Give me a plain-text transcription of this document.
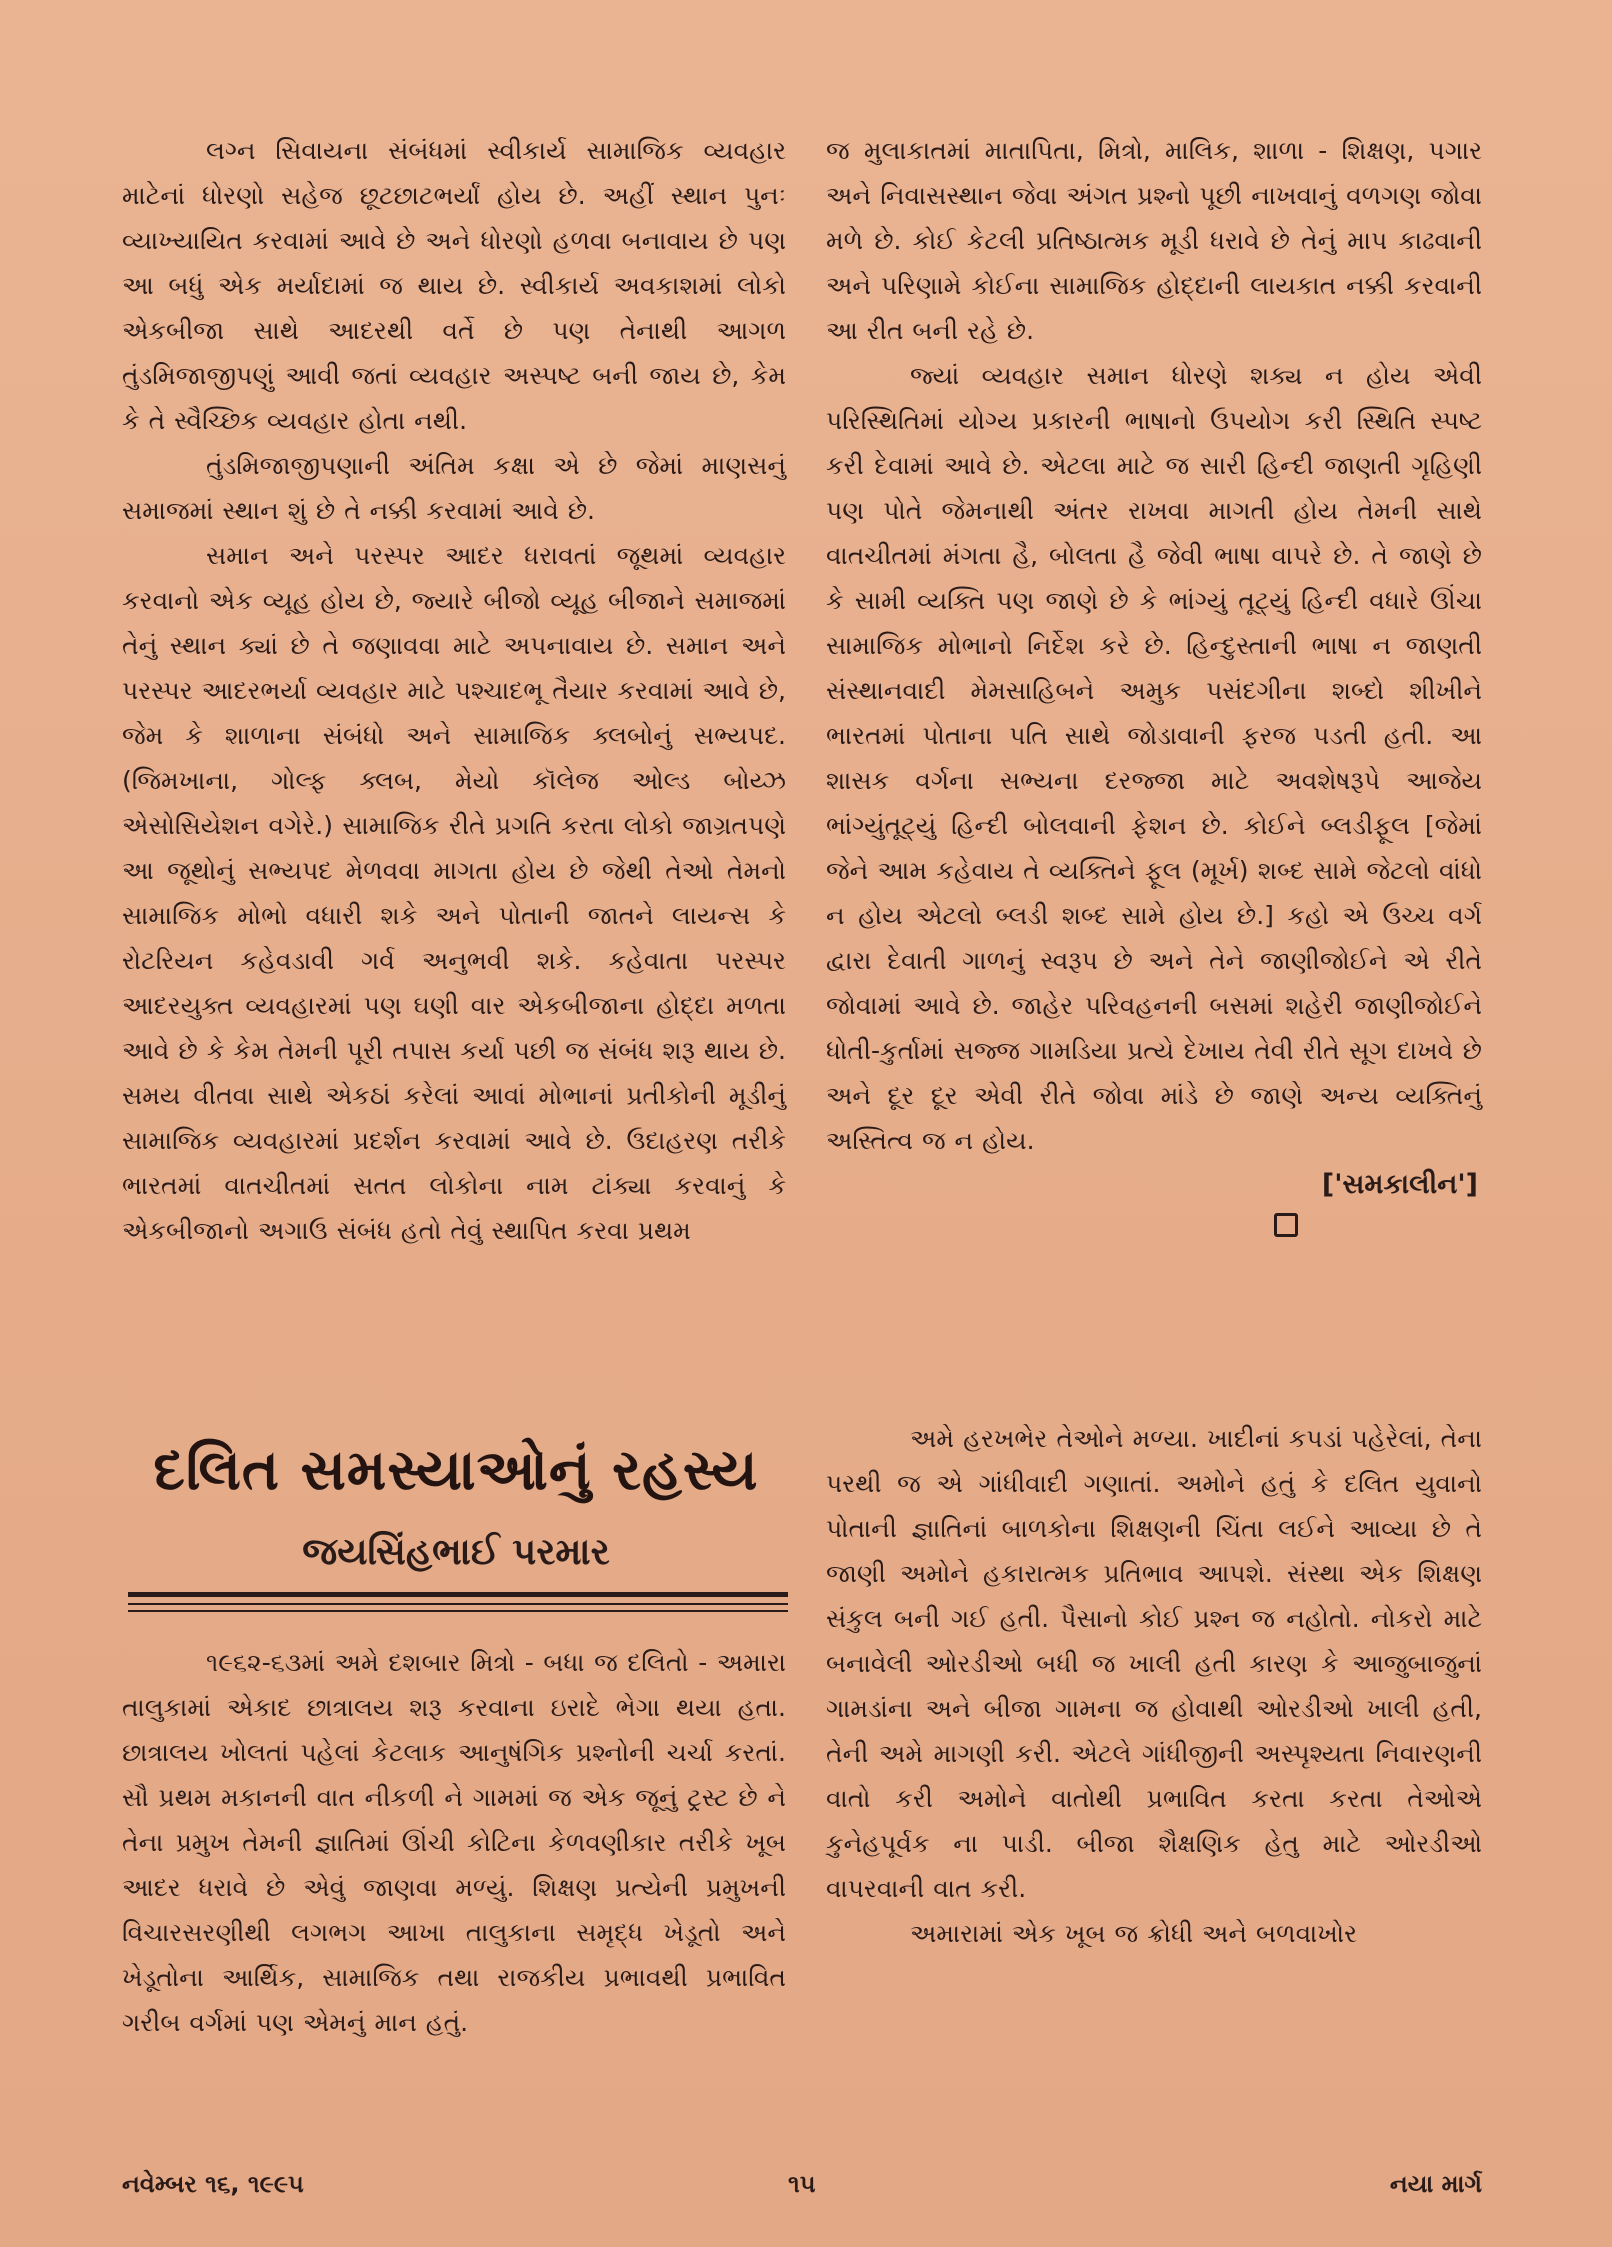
લગ્ન સિવાયના સંબંધમાં સ્વીકાર્ય સામાજિક વ્યવહાર માટેનાં ધોરણો સહેજ છૂટછાટભર્યાં હોય છે. અહીં સ્થાન પુનઃ વ્યાખ્યાયિત કરવામાં આવે છે અને ધોરણો હળવા બનાવાય છે પણ આ બધું એક મર્યાદામાં જ થાય છે. સ્વીકાર્ય અવકાશમાં લોકો એકબીજા સાથે આદરથી વર્તે છે પણ તેનાથી આગળ તુંડમિજાજીપણું આવી જતાં વ્યવહાર અસ્પષ્ટ બની જાય છે, કેમ કે તે સ્વૈચ્છિક વ્યવહાર હોતા નથી.

તુંડમિજાજીપણાની અંતિમ કક્ષા એ છે જેમાં માણસનું સમાજમાં સ્થાન શું છે તે નક્કી કરવામાં આવે છે.

સમાન અને પરસ્પર આદર ધરાવતાં જૂથમાં વ્યવહાર કરવાનો એક વ્યૂહ હોય છે, જ્યારે બીજો વ્યૂહ બીજાને સમાજમાં તેનું સ્થાન ક્યાં છે તે જણાવવા માટે અપનાવાય છે. સમાન અને પરસ્પર આદરભર્યા વ્યવહાર માટે પશ્ચાદભૂ તૈયાર કરવામાં આવે છે, જેમ કે શાળાના સંબંધો અને સામાજિક ક્લબોનું સભ્યપદ. (જિમખાના, ગોલ્ફ ક્લબ, મેયો કૉલેજ ઓલ્ડ બોય્ઝ એસોસિયેશન વગેરે.) સામાજિક રીતે પ્રગતિ કરતા લોકો જાગ્રતપણે આ જૂથોનું સભ્યપદ મેળવવા માગતા હોય છે જેથી તેઓ તેમનો સામાજિક મોભો વધારી શકે અને પોતાની જાતને લાયન્સ કે રોટરિયન કહેવડાવી ગર્વ અનુભવી શકે. કહેવાતા પરસ્પર આદરયુક્ત વ્યવહારમાં પણ ઘણી વાર એકબીજાના હોદ્દા મળતા આવે છે કે કેમ તેમની પૂરી તપાસ કર્યા પછી જ સંબંધ શરૂ થાય છે. સમય વીતવા સાથે એકઠાં કરેલાં આવાં મોભાનાં પ્રતીકોની મૂડીનું સામાજિક વ્યવહારમાં પ્રદર્શન કરવામાં આવે છે. ઉદાહરણ તરીકે ભારતમાં વાતચીતમાં સતત લોકોના નામ ટાંક્યા કરવાનું કે એકબીજાનો અગાઉ સંબંધ હતો તેવું સ્થાપિત કરવા પ્રથમ

જ મુલાકાતમાં માતાપિતા, મિત્રો, માલિક, શાળા - શિક્ષણ, પગાર અને નિવાસસ્થાન જેવા અંગત પ્રશ્નો પૂછી નાખવાનું વળગણ જોવા મળે છે. કોઈ કેટલી પ્રતિષ્ઠાત્મક મૂડી ધરાવે છે તેનું માપ કાઢવાની અને પરિણામે કોઈના સામાજિક હોદ્દાની લાયકાત નક્કી કરવાની આ રીત બની રહે છે.

જ્યાં વ્યવહાર સમાન ધોરણે શક્ય ન હોય એવી પરિસ્થિતિમાં યોગ્ય પ્રકારની ભાષાનો ઉપયોગ કરી સ્થિતિ સ્પષ્ટ કરી દેવામાં આવે છે. એટલા માટે જ સારી હિન્દી જાણતી ગૃહિણી પણ પોતે જેમનાથી અંતર રાખવા માગતી હોય તેમની સાથે વાતચીતમાં મંગતા હૈ, બોલતા હૈ જેવી ભાષા વાપરે છે. તે જાણે છે કે સામી વ્યક્તિ પણ જાણે છે કે ભાંગ્યું તૂટ્યું હિન્દી વધારે ઊંચા સામાજિક મોભાનો નિર્દેશ કરે છે. હિન્દુસ્તાની ભાષા ન જાણતી સંસ્થાનવાદી મેમસાહિબને અમુક પસંદગીના શબ્દો શીખીને ભારતમાં પોતાના પતિ સાથે જોડાવાની ફરજ પડતી હતી. આ શાસક વર્ગના સભ્યના દરજ્જા માટે અવશેષરૂપે આજેય ભાંગ્યુંતૂટ્યું હિન્દી બોલવાની ફેશન છે. કોઈને બ્લડીફૂલ [જેમાં જેને આમ કહેવાય તે વ્યક્તિને ફૂલ (મૂર્ખ) શબ્દ સામે જેટલો વાંધો ન હોય એટલો બ્લડી શબ્દ સામે હોય છે.] કહો એ ઉચ્ચ વર્ગ દ્વારા દેવાતી ગાળનું સ્વરૂપ છે અને તેને જાણીજોઈને એ રીતે જોવામાં આવે છે. જાહેર પરિવહનની બસમાં શહેરી જાણીજોઈને ધોતી-કુર્તામાં સજ્જ ગામડિયા પ્રત્યે દેખાય તેવી રીતે સૂગ દાખવે છે અને દૂર દૂર એવી રીતે જોવા માંડે છે જાણે અન્ય વ્યક્તિનું અસ્તિત્વ જ ન હોય.

['સમકાલીન']
દલિત સમસ્યાઓનું રહસ્ય
જયસિંહભાઈ પરમાર

૧૯૬૨-૬૩માં અમે દશબાર મિત્રો - બધા જ દલિતો - અમારા તાલુકામાં એકાદ છાત્રાલય શરૂ કરવાના ઇરાદે ભેગા થયા હતા. છાત્રાલય ખોલતાં પહેલાં કેટલાક આનુષંગિક પ્રશ્નોની ચર્ચા કરતાં. સૌ પ્રથમ મકાનની વાત નીકળી ને ગામમાં જ એક જૂનું ટ્રસ્ટ છે ને તેના પ્રમુખ તેમની જ્ઞાતિમાં ઊંચી કોટિના કેળવણીકાર તરીકે ખૂબ આદર ધરાવે છે એવું જાણવા મળ્યું. શિક્ષણ પ્રત્યેની પ્રમુખની વિચારસરણીથી લગભગ આખા તાલુકાના સમૃદ્ધ ખેડૂતો અને ખેડૂતોના આર્થિક, સામાજિક તથા રાજકીય પ્રભાવથી પ્રભાવિત ગરીબ વર્ગમાં પણ એમનું માન હતું.

અમે હરખભેર તેઓને મળ્યા. ખાદીનાં કપડાં પહેરેલાં, તેના પરથી જ એ ગાંધીવાદી ગણાતાં. અમોને હતું કે દલિત યુવાનો પોતાની જ્ઞાતિનાં બાળકોના શિક્ષણની ચિંતા લઈને આવ્યા છે તે જાણી અમોને હકારાત્મક પ્રતિભાવ આપશે. સંસ્થા એક શિક્ષણ સંકુલ બની ગઈ હતી. પૈસાનો કોઈ પ્રશ્ન જ નહોતો. નોકરો માટે બનાવેલી ઓરડીઓ બધી જ ખાલી હતી કારણ કે આજુબાજુનાં ગામડાંના અને બીજા ગામના જ હોવાથી ઓરડીઓ ખાલી હતી, તેની અમે માગણી કરી. એટલે ગાંધીજીની અસ્પૃશ્યતા નિવારણની વાતો કરી અમોને વાતોથી પ્રભાવિત કરતા કરતા તેઓએ કુનેહપૂર્વક ના પાડી. બીજા શૈક્ષણિક હેતુ માટે ઓરડીઓ વાપરવાની વાત કરી.

અમારામાં એક ખૂબ જ ક્રોધી અને બળવાખોર

નવેમ્બર ૧૬, ૧૯૯૫	૧૫	નયા માર્ગ
